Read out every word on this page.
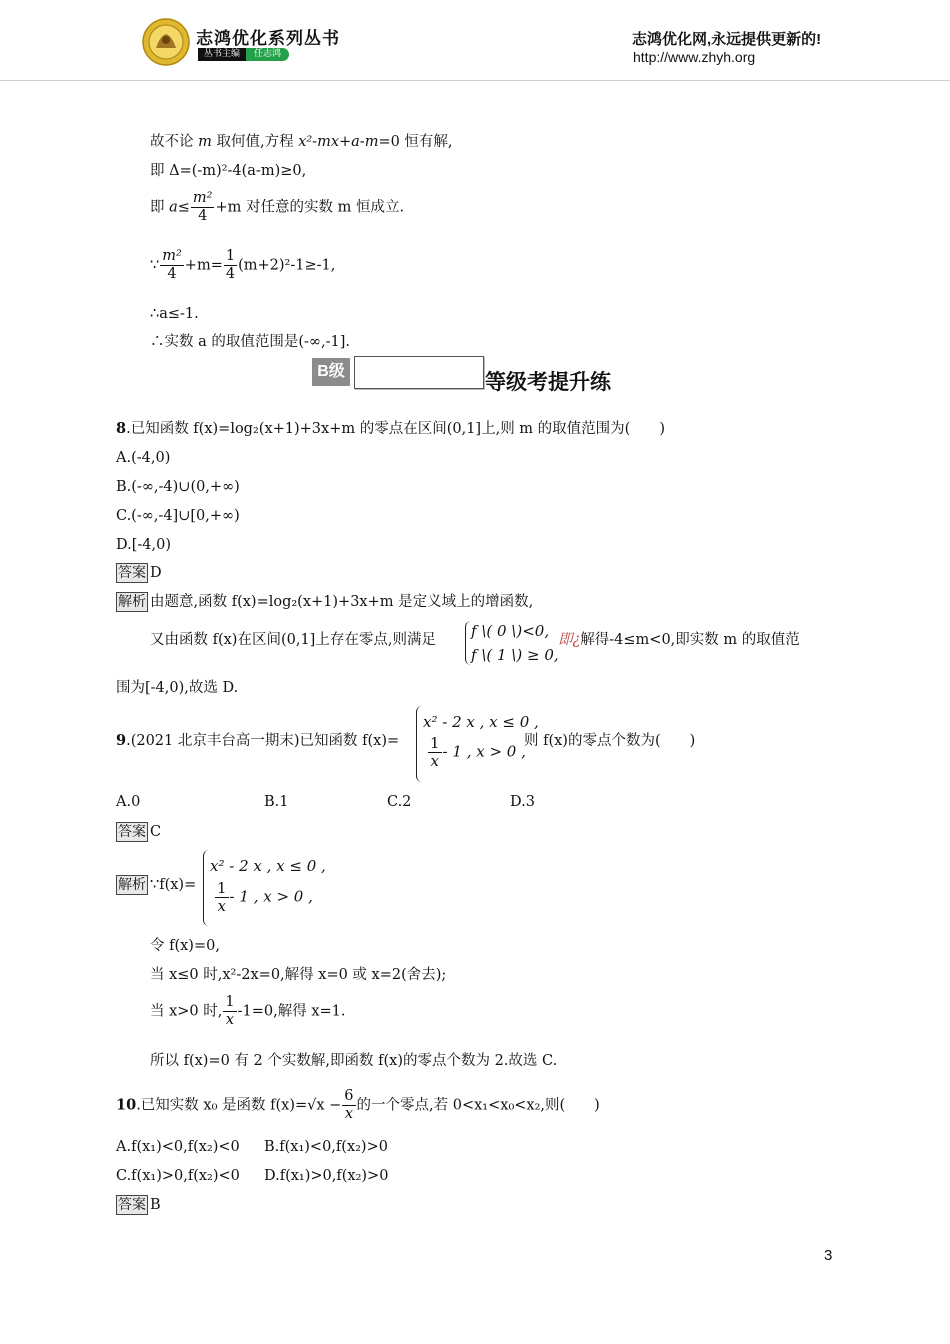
志鸿优化系列丛书
丛书主编	任志鸿
志鸿优化网,永远提供更新的!
http://www.zhyh.org
故不论 m 取何值,方程 x²-mx+a-m=0 恒有解,
即 Δ=(-m)²-4(a-m)≥0,
即 $a\le \frac{\text{m²}}{4} +m$ 对任意的实数 m 恒成立.
∵ $\frac{\text{m²}}{4} +m= \frac{1}{4} (m+2)^2-1\ge-1$,
∴a≤-1.
∴实数 a 的取值范围是(-∞,-1].
B级	等级考提升练
8.已知函数 f(x)=log₂(x+1)+3x+m 的零点在区间(0,1]上,则 m 的取值范围为(　　)
A.(-4,0)
B.(-∞,-4)∪(0,+∞)
C.(-∞,-4]∪[0,+∞)
D.[-4,0)
答案 D
解析 由题意,函数 f(x)=log₂(x+1)+3x+m 是定义域上的增函数,
又由函数 f(x)在区间(0,1]上存在零点,则满足 f \( 0 \)<0,
f \( 1 \) ≥ 0,
即¿解得-4≤m<0,即实数 m 的取值范
围为[-4,0),故选 D.
9.(2021 北京丰台高一期末)已知函数 f(x)=
x² - 2 x , x ≤ 0 ,
$\frac{1}{x} - 1$ , x > 0 ,
则 f(x)的零点个数为(　　)
A.0	B.1	C.2	D.3
答案 C
解析 ∵f(x)=
x² - 2 x , x ≤ 0 ,
$\frac{1}{x} - 1$ , x > 0 ,
令 f(x)=0,
当 x≤0 时,x²-2x=0,解得 x=0 或 x=2(舍去);
当 x>0 时, $\frac{1}{x} -1=0$,解得 x=1.
所以 f(x)=0 有 2 个实数解,即函数 f(x)的零点个数为 2.故选 C.
10.已知实数 x₀ 是函数 $f(x)=√x - \frac{6}{x}$ 的一个零点,若 0<x₁<x₀<x₂,则(　　)
A.f(x₁)<0,f(x₂)<0 B.f(x₁)<0,f(x₂)>0
C.f(x₁)>0,f(x₂)<0 D.f(x₁)>0,f(x₂)>0
答案 B
3
